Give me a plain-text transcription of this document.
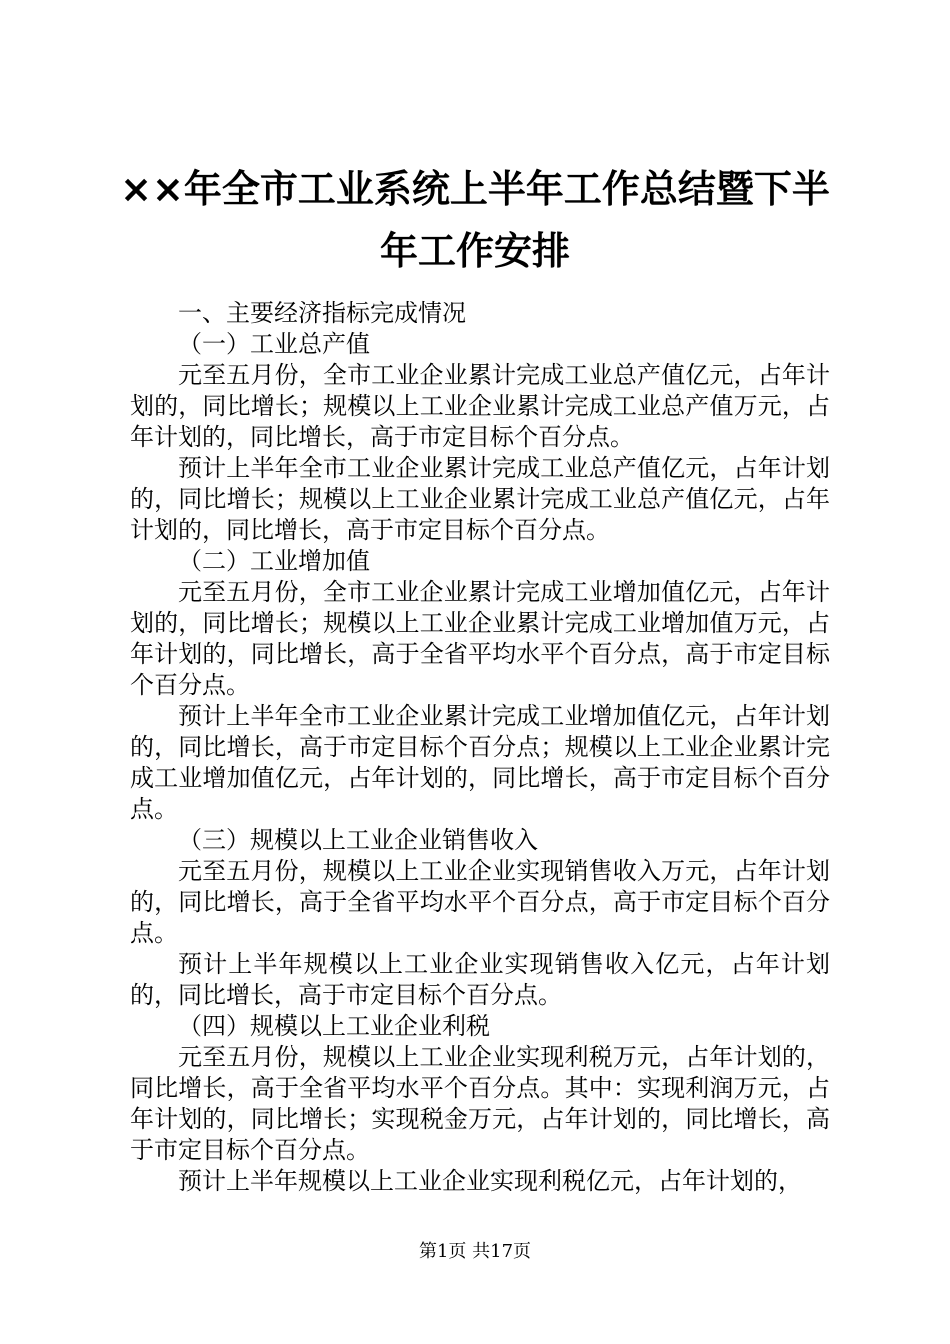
××年全市工业系统上半年工作总结暨下半年工作安排

一、主要经济指标完成情况

（一）工业总产值

元至五月份，全市工业企业累计完成工业总产值亿元，占年计划的，同比增长；规模以上工业企业累计完成工业总产值万元，占年计划的，同比增长，高于市定目标个百分点。

预计上半年全市工业企业累计完成工业总产值亿元，占年计划的，同比增长；规模以上工业企业累计完成工业总产值亿元，占年计划的，同比增长，高于市定目标个百分点。

（二）工业增加值

元至五月份，全市工业企业累计完成工业增加值亿元，占年计划的，同比增长；规模以上工业企业累计完成工业增加值万元，占年计划的，同比增长，高于全省平均水平个百分点，高于市定目标个百分点。

预计上半年全市工业企业累计完成工业增加值亿元，占年计划的，同比增长，高于市定目标个百分点；规模以上工业企业累计完成工业增加值亿元，占年计划的，同比增长，高于市定目标个百分点。

（三）规模以上工业企业销售收入

元至五月份，规模以上工业企业实现销售收入万元，占年计划的，同比增长，高于全省平均水平个百分点，高于市定目标个百分点。

预计上半年规模以上工业企业实现销售收入亿元，占年计划的，同比增长，高于市定目标个百分点。

（四）规模以上工业企业利税

元至五月份，规模以上工业企业实现利税万元，占年计划的，同比增长，高于全省平均水平个百分点。其中：实现利润万元，占年计划的，同比增长；实现税金万元，占年计划的，同比增长，高于市定目标个百分点。

预计上半年规模以上工业企业实现利税亿元，占年计划的，

第1页 共17页
